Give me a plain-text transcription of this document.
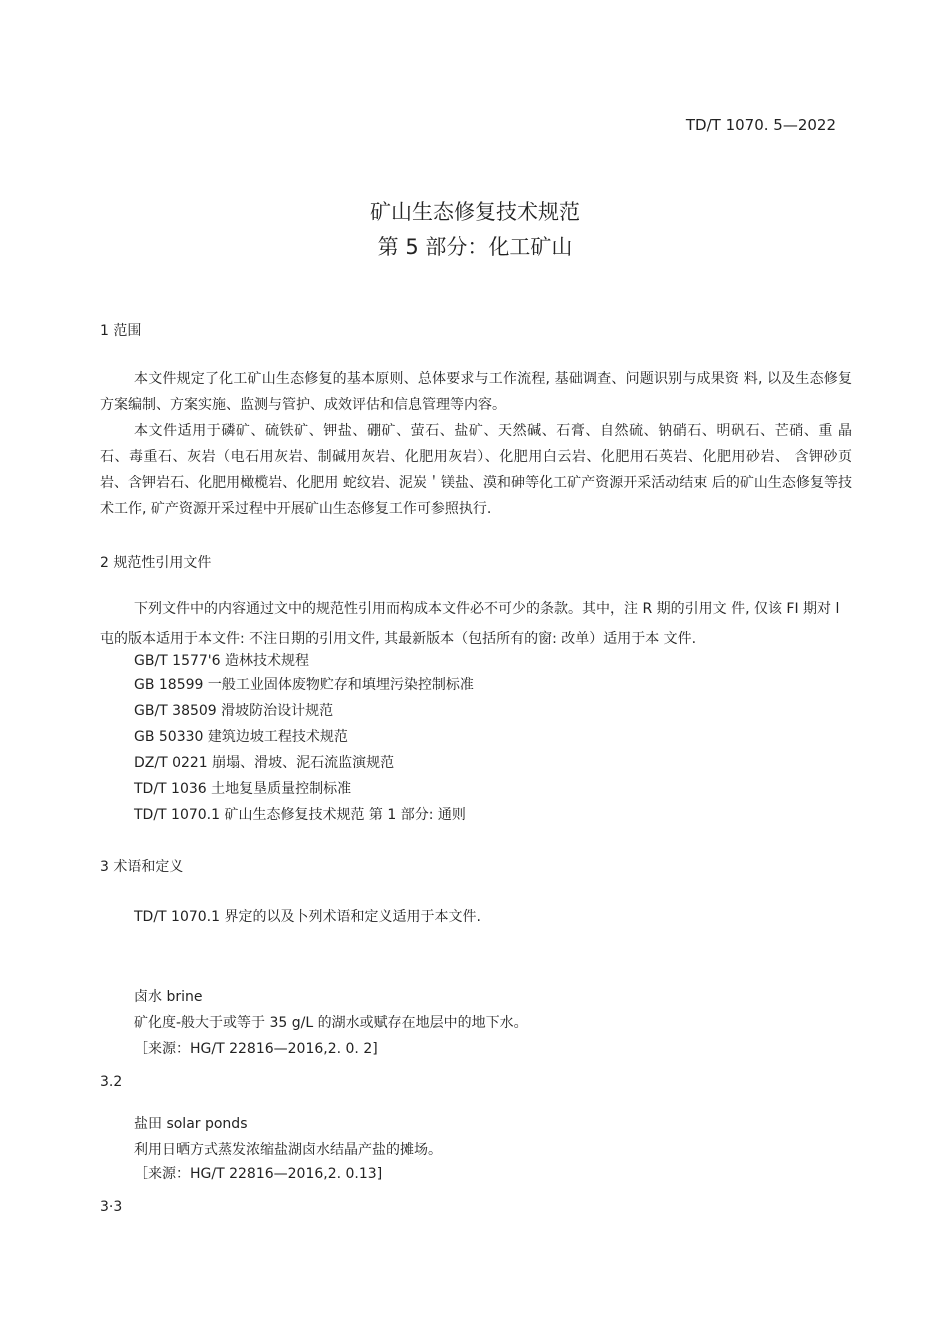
TD/T 1070. 5—2022
矿山生态修复技术规范
第 5 部分：化工矿山
1 范围
本文件规定了化工矿山生态修复的基本原则、总体要求与工作流程, 基础调查、问题识别与成果资 料, 以及生态修复方案编制、方案实施、监测与管护、成效评估和信息管理等内容。
本文件适用于磷矿、硫铁矿、钾盐、硼矿、萤石、盐矿、天然碱、石膏、自然硫、钠硝石、明矾石、芒硝、重 晶石、毒重石、灰岩（电石用灰岩、制碱用灰岩、化肥用灰岩）、化肥用白云岩、化肥用石英岩、化肥用砂岩、 含钾砂页岩、含钾岩石、化肥用橄榄岩、化肥用 蛇纹岩、泥炭＇镁盐、漠和砷等化工矿产资源开采活动结束 后的矿山生态修复等技术工作, 矿产资源开采过程中开展矿山生态修复工作可参照执行.
2 规范性引用文件
下列文件中的内容通过文中的规范性引用而构成本文件必不可少的条款。其中，注 R 期的引用文 件, 仅该 FI 期对 l
屯的版本适用于本文件: 不注日期的引用文件, 其最新版本（包括所有的窗: 改单）适用于本 文件.
GB/T 1577'6 造林技术规程
GB 18599 一般工业固体废物贮存和填埋污染控制标准
GB/T 38509 滑坡防治设计规范
GB 50330 建筑边坡工程技术规范
DZ/T 0221 崩塌、滑坡、泥石流监演规范
TD/T 1036 土地复垦质量控制标准
TD/T 1070.1 矿山生态修复技术规范 第 1 部分: 通则
3 术语和定义
TD/T 1070.1 界定的以及卜列术语和定义适用于本文件.
卤水 brine
矿化度-般大于或等于 35 g/L 的湖水或赋存在地层中的地下水。
［来源：HG/T 22816—2016,2. 0. 2]
3.2
盐田 solar ponds
利用日晒方式蒸发浓缩盐湖卤水结晶产盐的摊场。
［来源：HG/T 22816—2016,2. 0.13]
3·3
